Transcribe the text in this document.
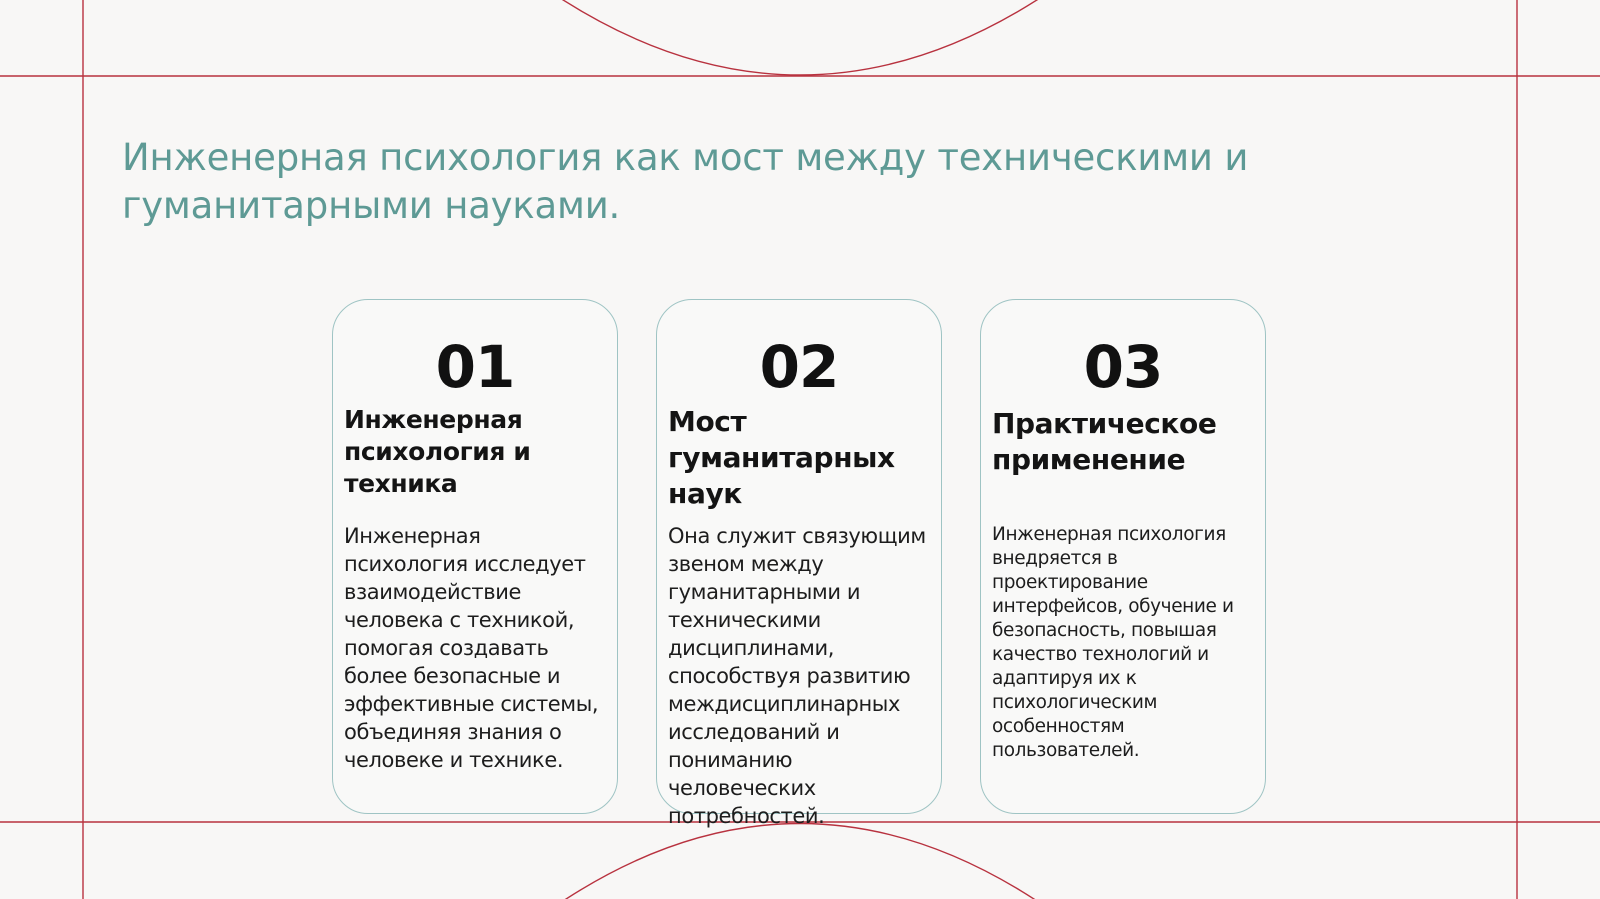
Инженерная психология как мост между техническими и гуманитарными науками.
01
Инженерная психология и техника

Инженерная психология исследует взаимодействие человека с техникой, помогая создавать более безопасные и эффективные системы, объединяя знания о человеке и технике.

02
Мост гуманитарных наук

Она служит связующим звеном между гуманитарными и техническими дисциплинами, способствуя развитию междисциплинарных исследований и пониманию человеческих потребностей.

03
Практическое применение

Инженерная психология внедряется в проектирование интерфейсов, обучение и безопасность, повышая качество технологий и адаптируя их к психологическим особенностям пользователей.
